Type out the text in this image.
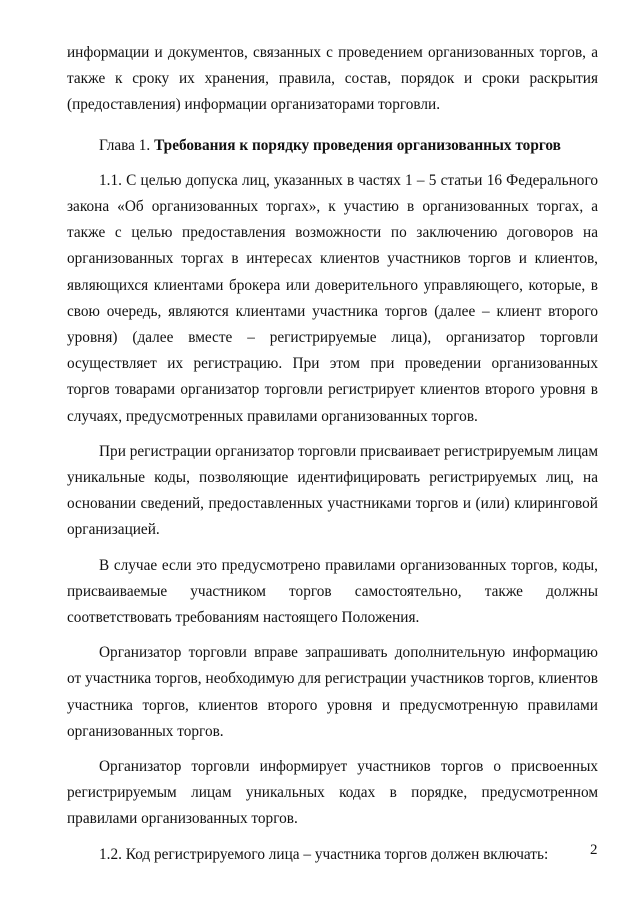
информации и документов, связанных с проведением организованных торгов, а также к сроку их хранения, правила, состав, порядок и сроки раскрытия (предоставления) информации организаторами торговли.

Глава 1. Требования к порядку проведения организованных торгов

1.1. С целью допуска лиц, указанных в частях 1 – 5 статьи 16 Федерального закона «Об организованных торгах», к участию в организованных торгах, а также с целью предоставления возможности по заключению договоров на организованных торгах в интересах клиентов участников торгов и клиентов, являющихся клиентами брокера или доверительного управляющего, которые, в свою очередь, являются клиентами участника торгов (далее – клиент второго уровня) (далее вместе – регистрируемые лица), организатор торговли осуществляет их регистрацию. При этом при проведении организованных торгов товарами организатор торговли регистрирует клиентов второго уровня в случаях, предусмотренных правилами организованных торгов.

При регистрации организатор торговли присваивает регистрируемым лицам уникальные коды, позволяющие идентифицировать регистрируемых лиц, на основании сведений, предоставленных участниками торгов и (или) клиринговой организацией.

В случае если это предусмотрено правилами организованных торгов, коды, присваиваемые участником торгов самостоятельно, также должны соответствовать требованиям настоящего Положения.

Организатор торговли вправе запрашивать дополнительную информацию от участника торгов, необходимую для регистрации участников торгов, клиентов участника торгов, клиентов второго уровня и предусмотренную правилами организованных торгов.

Организатор торговли информирует участников торгов о присвоенных регистрируемым лицам уникальных кодах в порядке, предусмотренном правилами организованных торгов.

1.2. Код регистрируемого лица – участника торгов должен включать:	2
